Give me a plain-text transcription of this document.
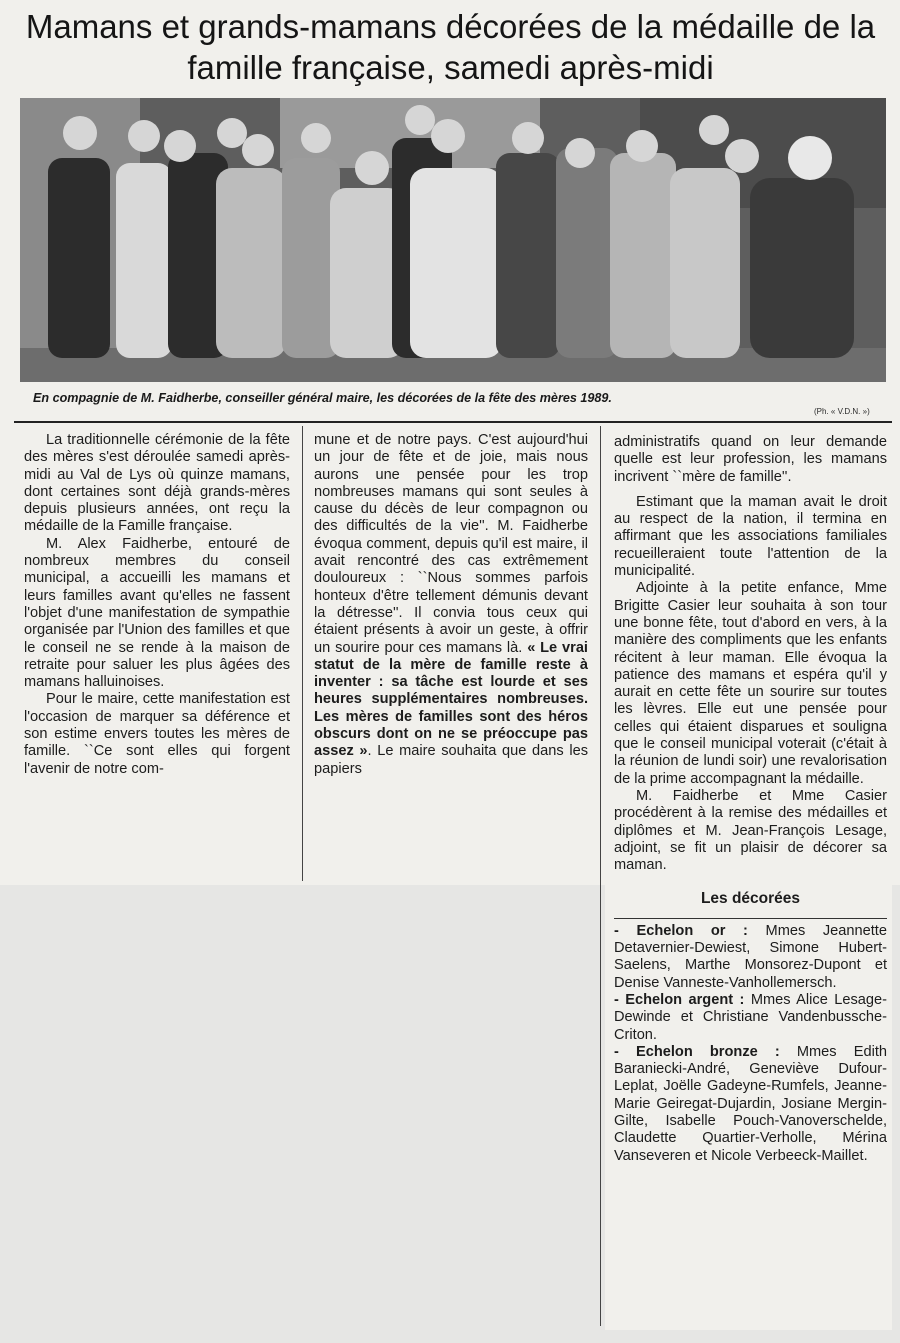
Mamans et grands-mamans décorées de la médaille de la famille française, samedi après-midi
En compagnie de M. Faidherbe, conseiller général maire, les décorées de la fête des mères 1989.
(Ph. « V.D.N. »)

La traditionnelle cérémonie de la fête des mères s'est déroulée samedi après-midi au Val de Lys où quinze mamans, dont certaines sont déjà grands-mères depuis plusieurs années, ont reçu la médaille de la Famille française.

M. Alex Faidherbe, entouré de nombreux membres du conseil municipal, a accueilli les mamans et leurs familles avant qu'elles ne fassent l'objet d'une manifestation de sympathie organisée par l'Union des familles et que le conseil ne se rende à la maison de retraite pour saluer les plus âgées des mamans halluinoises.

Pour le maire, cette manifestation est l'occasion de marquer sa déférence et son estime envers toutes les mères de famille. ``Ce sont elles qui forgent l'avenir de notre com-

mune et de notre pays. C'est aujourd'hui un jour de fête et de joie, mais nous aurons une pensée pour les trop nombreuses mamans qui sont seules à cause du décès de leur compagnon ou des difficultés de la vie''. M. Faidherbe évoqua comment, depuis qu'il est maire, il avait rencontré des cas extrêmement douloureux : ``Nous sommes parfois honteux d'être tellement démunis devant la détresse''. Il convia tous ceux qui étaient présents à avoir un geste, à offrir un sourire pour ces mamans là. « Le vrai statut de la mère de famille reste à inventer : sa tâche est lourde et ses heures supplémentaires nombreuses. Les mères de familles sont des héros obscurs dont on ne se préoccupe pas assez ». Le maire souhaita que dans les papiers

administratifs quand on leur demande quelle est leur profession, les mamans incrivent ``mère de famille''.

Estimant que la maman avait le droit au respect de la nation, il termina en affirmant que les associations familiales recueilleraient toute l'attention de la municipalité.

Adjointe à la petite enfance, Mme Brigitte Casier leur souhaita à son tour une bonne fête, tout d'abord en vers, à la manière des compliments que les enfants récitent à leur maman. Elle évoqua la patience des mamans et espéra qu'il y aurait en cette fête un sourire sur toutes les lèvres. Elle eut une pensée pour celles qui étaient disparues et souligna que le conseil municipal voterait (c'était à la réunion de lundi soir) une revalorisation de la prime accompagnant la médaille.

M. Faidherbe et Mme Casier procédèrent à la remise des médailles et diplômes et M. Jean-François Lesage, adjoint, se fit un plaisir de décorer sa maman.

Les décorées

- Echelon or : Mmes Jeannette Detavernier-Dewiest, Simone Hubert-Saelens, Marthe Monsorez-Dupont et Denise Vanneste-Vanhollemersch.

- Echelon argent : Mmes Alice Lesage-Dewinde et Christiane Vandenbussche-Criton.

- Echelon bronze : Mmes Edith Baraniecki-André, Geneviève Dufour-Leplat, Joëlle Gadeyne-Rumfels, Jeanne-Marie Geiregat-Dujardin, Josiane Mergin-Gilte, Isabelle Pouch-Vanoverschelde, Claudette Quartier-Verholle, Mérina Vanseveren et Nicole Verbeeck-Maillet.
